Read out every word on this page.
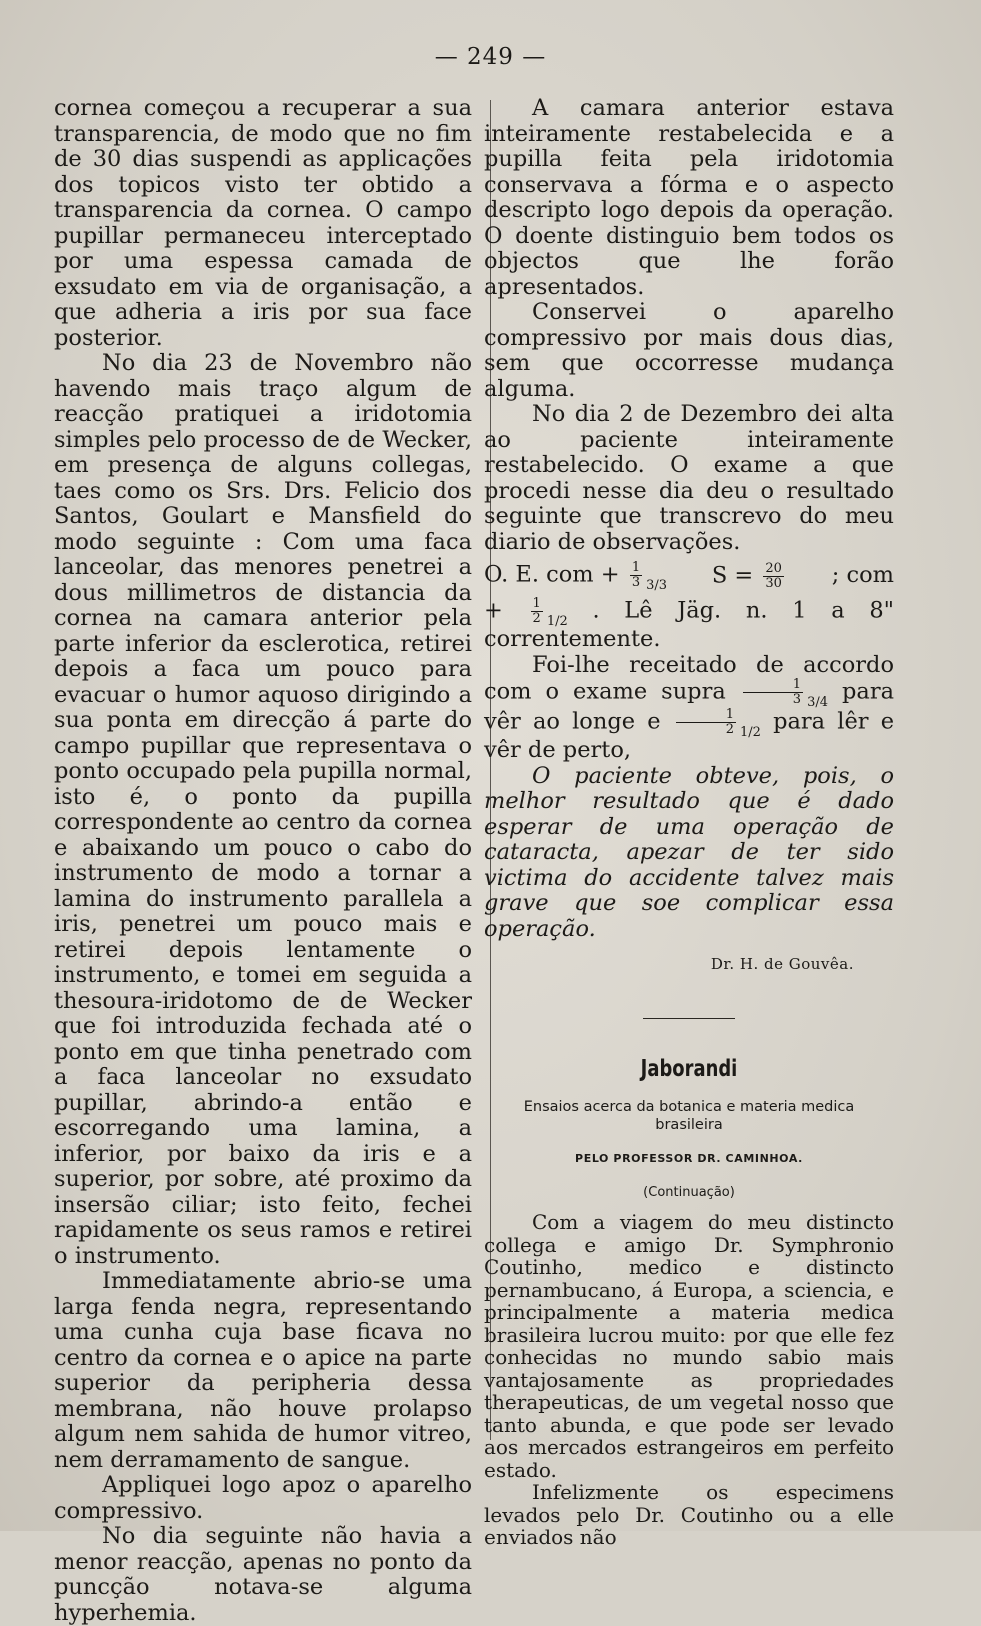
— 249 —

cornea começou a recuperar a sua transparencia, de modo que no fim de 30 dias suspendi as applicações dos topicos visto ter obtido a transparencia da cornea. O campo pupillar permaneceu interceptado por uma espessa camada de exsudato em via de organisação, a que adheria a iris por sua face posterior.

No dia 23 de Novembro não havendo mais traço algum de reacção pratiquei a iridotomia simples pelo processo de de Wecker, em presença de alguns collegas, taes como os Srs. Drs. Felicio dos Santos, Goulart e Mansfield do modo seguinte : Com uma faca lanceolar, das menores penetrei a dous millimetros de distancia da cornea na camara anterior pela parte inferior da esclerotica, retirei depois a faca um pouco para evacuar o humor aquoso dirigindo a sua ponta em direcção á parte do campo pupillar que representava o ponto occupado pela pupilla normal, isto é, o ponto da pupilla correspondente ao centro da cornea e abaixando um pouco o cabo do instrumento de modo a tornar a lamina do instrumento parallela a iris, penetrei um pouco mais e retirei depois lentamente o instrumento, e tomei em seguida a thesoura-iridotomo de de Wecker que foi introduzida fechada até o ponto em que tinha penetrado com a faca lanceolar no exsudato pupillar, abrindo-a então e escorregando uma lamina, a inferior, por baixo da iris e a superior, por sobre, até proximo da insersão ciliar; isto feito, fechei rapidamente os seus ramos e retirei o instrumento.

Immediatamente abrio-se uma larga fenda negra, representando uma cunha cuja base ficava no centro da cornea e o apice na parte superior da peripheria dessa membrana, não houve prolapso algum nem sahida de humor vitreo, nem derramamento de sangue.

Appliquei logo apoz o aparelho compressivo.

No dia seguinte não havia a menor reacção, apenas no ponto da puncção notava-se alguma hyperhemia.

A camara anterior estava inteiramente restabelecida e a pupilla feita pela iridotomia conservava a fórma e o aspecto descripto logo depois da operação. O doente distinguio bem todos os objectos que lhe forão apresentados.

Conservei o aparelho compressivo por mais dous dias, sem que occorresse mudança alguma.

No dia 2 de Dezembro dei alta ao paciente inteiramente restabelecido. O exame a que procedi nesse dia deu o resultado seguinte que transcrevo do meu diario de observações.

O. E. com + $\frac{1}{3} _{3/3}$ $S = \frac{20}{30}$ ; com

+ $\frac{1}{2} _{1/2}$ . Lê Jäg. n. 1 a 8" correntemente.

Foi-lhe receitado de accordo com o exame supra $\frac{1}{3} _{3/4}$ para vêr ao longe e $\frac{1}{2} _{1/2}$ para lêr e vêr de perto,

O paciente obteve, pois, o melhor resultado que é dado esperar de uma operação de cataracta, apezar de ter sido victima do accidente talvez mais grave que soe complicar essa operação.

Dr. H. de Gouvêa.

Jaborandi
Ensaios acerca da botanica e materia medica brasileira
PELO PROFESSOR DR. CAMINHOA.
(Continuação)

Com a viagem do meu distincto collega e amigo Dr. Symphronio Coutinho, medico e distincto pernambucano, á Europa, a sciencia, e principalmente a materia medica brasileira lucrou muito: por que elle fez conhecidas no mundo sabio mais vantajosamente as propriedades therapeuticas, de um vegetal nosso que tanto abunda, e que pode ser levado aos mercados estrangeiros em perfeito estado.

Infelizmente os especimens levados pelo Dr. Coutinho ou a elle enviados não
